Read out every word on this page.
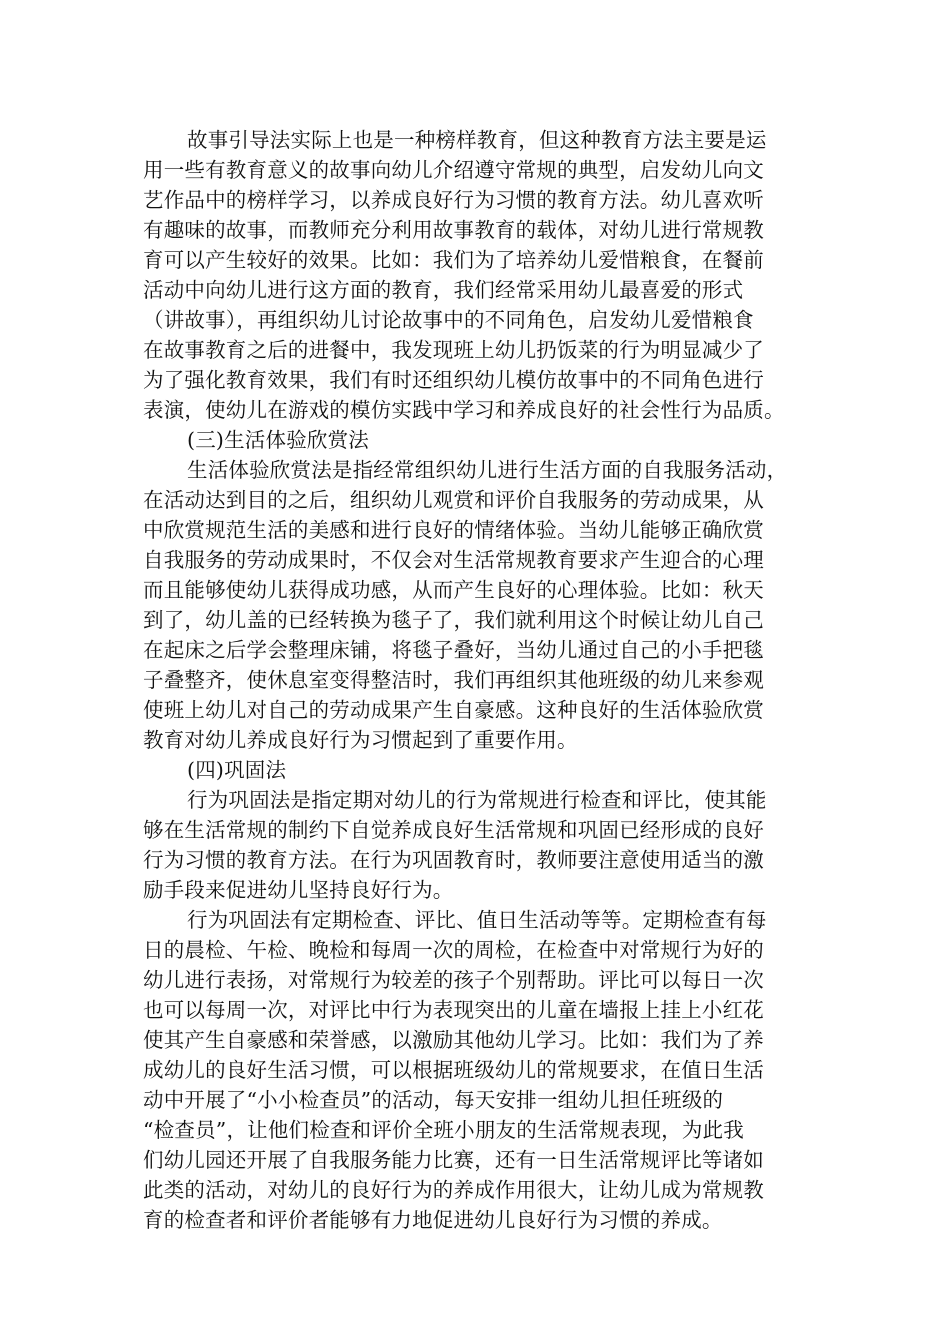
故事引导法实际上也是一种榜样教育，但这种教育方法主要是运
用一些有教育意义的故事向幼儿介绍遵守常规的典型，启发幼儿向文
艺作品中的榜样学习，以养成良好行为习惯的教育方法。幼儿喜欢听
有趣味的故事，而教师充分利用故事教育的载体，对幼儿进行常规教
育可以产生较好的效果。比如：我们为了培养幼儿爱惜粮食，在餐前
活动中向幼儿进行这方面的教育，我们经常采用幼儿最喜爱的形式
（讲故事），再组织幼儿讨论故事中的不同角色，启发幼儿爱惜粮食
在故事教育之后的进餐中，我发现班上幼儿扔饭菜的行为明显减少了
为了强化教育效果，我们有时还组织幼儿模仿故事中的不同角色进行
表演，使幼儿在游戏的模仿实践中学习和养成良好的社会性行为品质。
(三)生活体验欣赏法
生活体验欣赏法是指经常组织幼儿进行生活方面的自我服务活动，
在活动达到目的之后，组织幼儿观赏和评价自我服务的劳动成果，从
中欣赏规范生活的美感和进行良好的情绪体验。当幼儿能够正确欣赏
自我服务的劳动成果时，不仅会对生活常规教育要求产生迎合的心理
而且能够使幼儿获得成功感，从而产生良好的心理体验。比如：秋天
到了，幼儿盖的已经转换为毯子了，我们就利用这个时候让幼儿自己
在起床之后学会整理床铺，将毯子叠好，当幼儿通过自己的小手把毯
子叠整齐，使休息室变得整洁时，我们再组织其他班级的幼儿来参观
使班上幼儿对自己的劳动成果产生自豪感。这种良好的生活体验欣赏
教育对幼儿养成良好行为习惯起到了重要作用。
(四)巩固法
行为巩固法是指定期对幼儿的行为常规进行检查和评比，使其能
够在生活常规的制约下自觉养成良好生活常规和巩固已经形成的良好
行为习惯的教育方法。在行为巩固教育时，教师要注意使用适当的激
励手段来促进幼儿坚持良好行为。
行为巩固法有定期检查、评比、值日生活动等等。定期检查有每
日的晨检、午检、晚检和每周一次的周检，在检查中对常规行为好的
幼儿进行表扬，对常规行为较差的孩子个别帮助。评比可以每日一次
也可以每周一次，对评比中行为表现突出的儿童在墙报上挂上小红花
使其产生自豪感和荣誉感，以激励其他幼儿学习。比如：我们为了养
成幼儿的良好生活习惯，可以根据班级幼儿的常规要求，在值日生活
动中开展了“小小检查员”的活动，每天安排一组幼儿担任班级的
“检查员”，让他们检查和评价全班小朋友的生活常规表现，为此我
们幼儿园还开展了自我服务能力比赛，还有一日生活常规评比等诸如
此类的活动，对幼儿的良好行为的养成作用很大，让幼儿成为常规教
育的检查者和评价者能够有力地促进幼儿良好行为习惯的养成。
